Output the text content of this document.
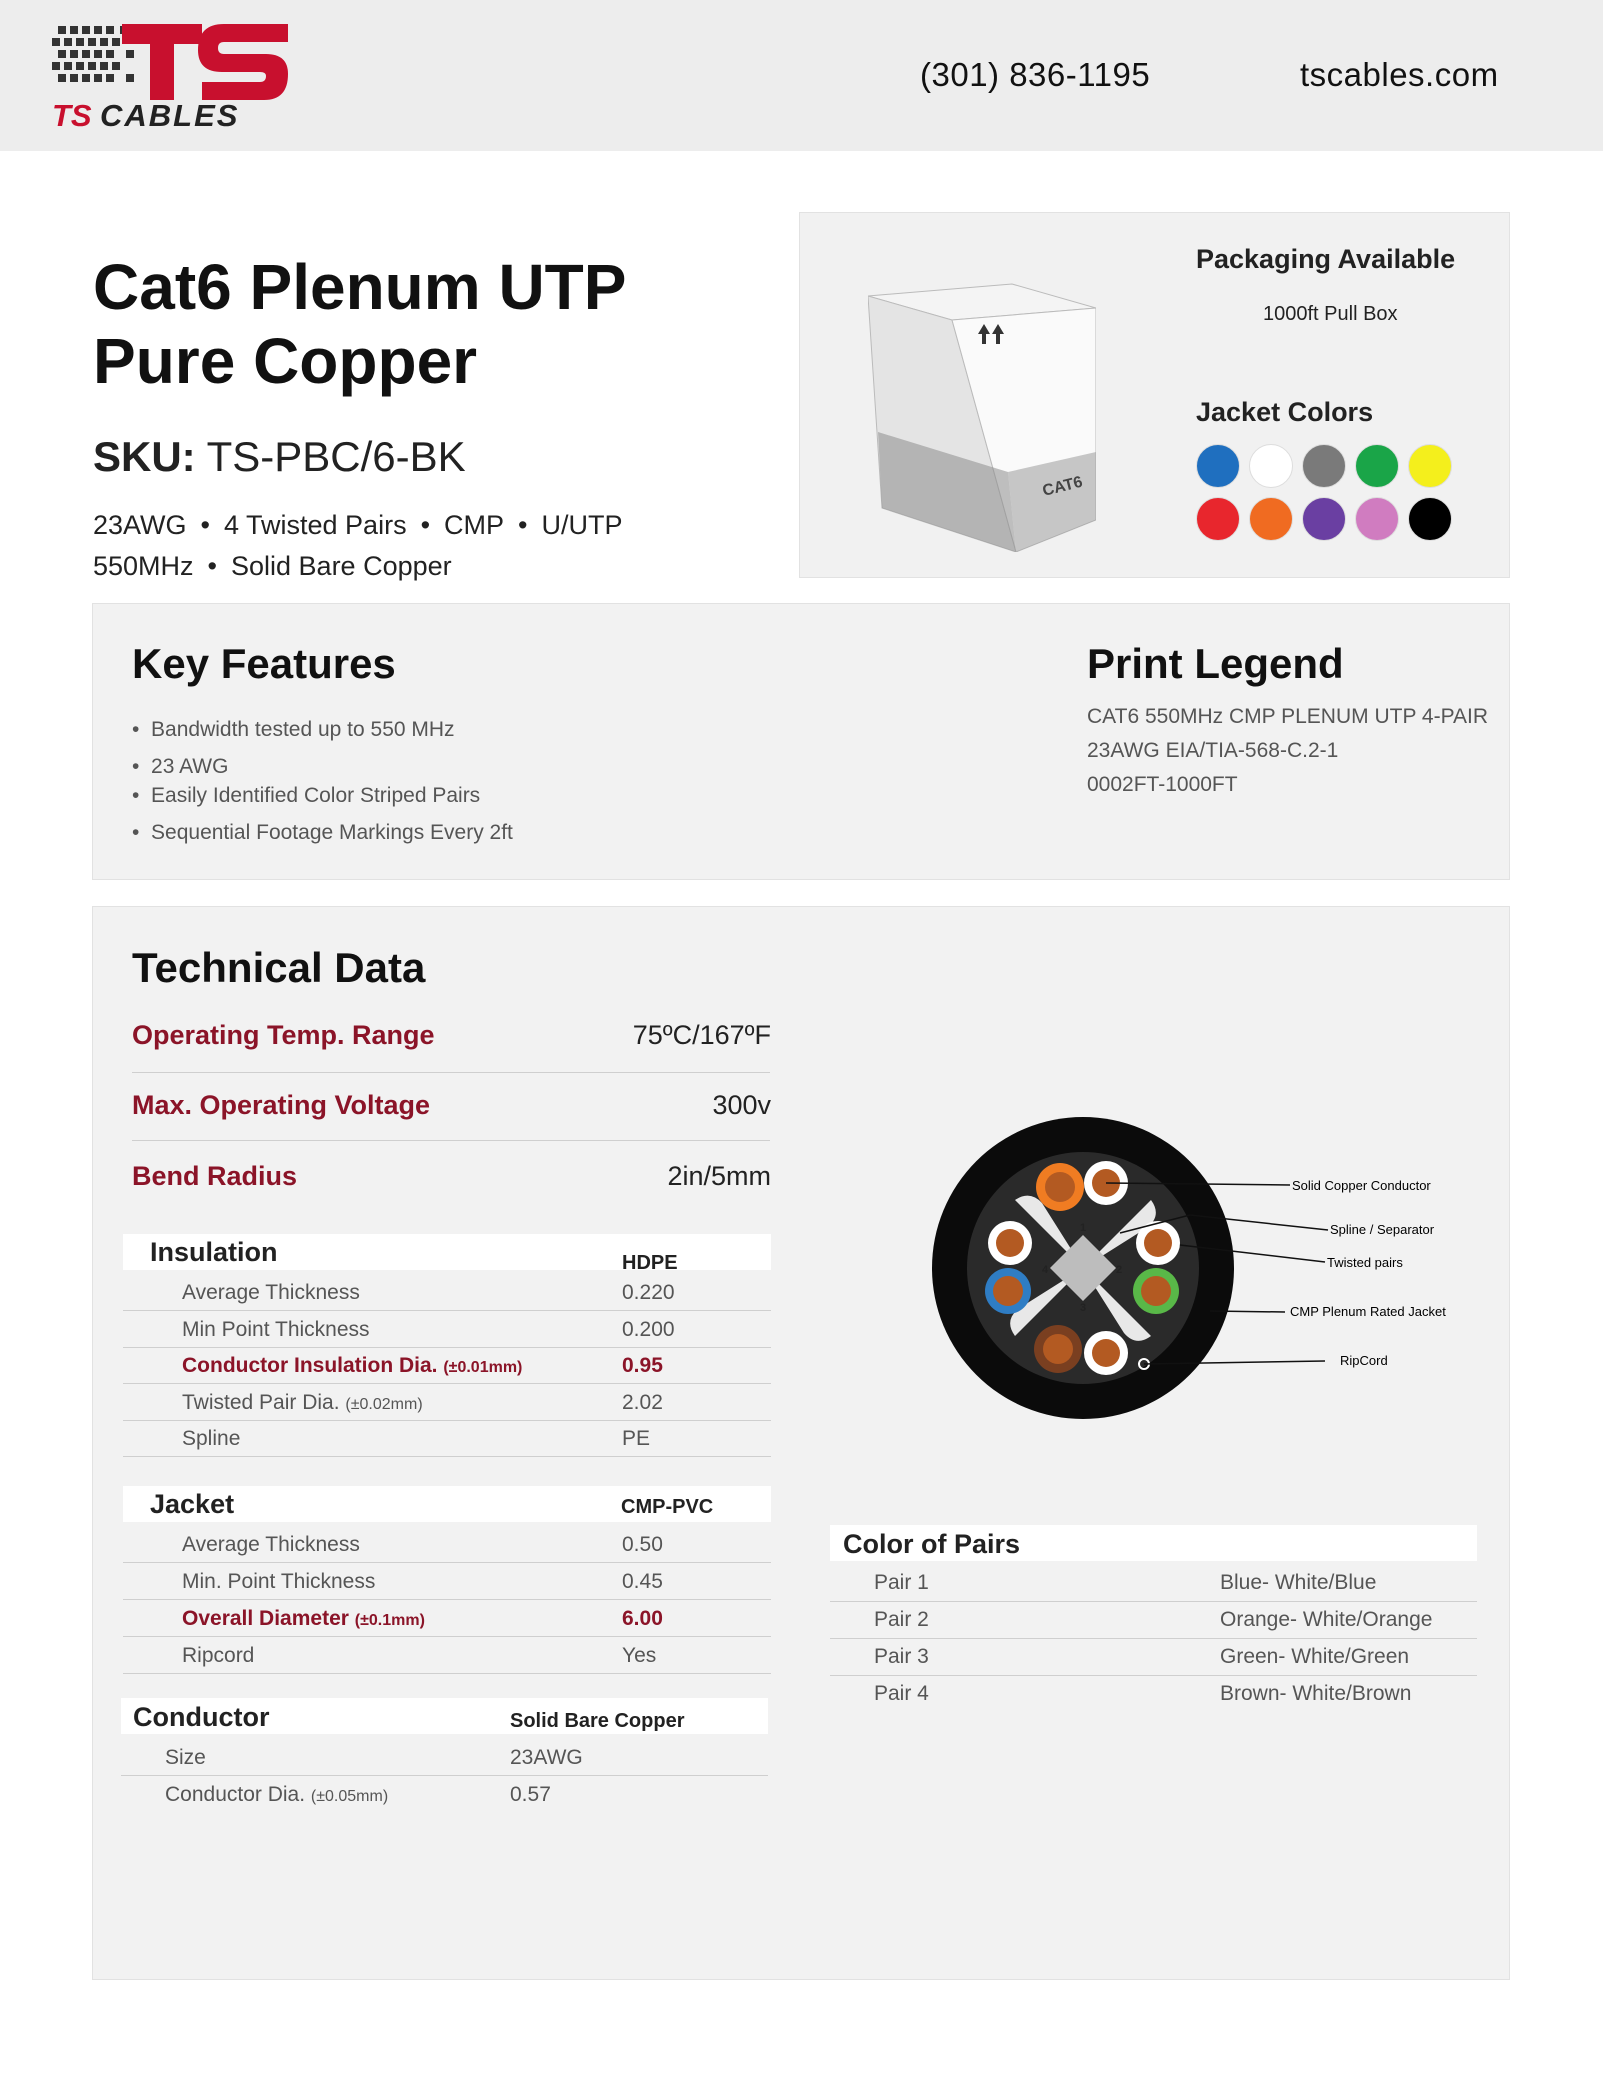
TS CABLES
(301) 836-1195	tscables.com
Cat6 Plenum UTP
Pure Copper
SKU: TS-PBC/6-BK
23AWG • 4 Twisted Pairs • CMP • U/UTP
550MHz • Solid Bare Copper
CAT6
Packaging Available
1000ft Pull Box
Jacket Colors
Key Features
•  Bandwidth tested up to 550 MHz
•  23 AWG
•  Easily Identified Color Striped Pairs
•  Sequential Footage Markings Every 2ft
Print Legend
CAT6 550MHz CMP PLENUM UTP 4-PAIR
23AWG EIA/TIA-568-C.2-1
0002FT-1000FT
Technical Data
Operating Temp. Range	75ºC/167ºF
Max. Operating Voltage	300v
Bend Radius	2in/5mm
Insulation	HDPE
Average Thickness	0.220
Min Point Thickness	0.200
Conductor Insulation Dia. (±0.01mm)	0.95
Twisted Pair Dia. (±0.02mm)	2.02
Spline	PE
Jacket	CMP-PVC
Average Thickness	0.50
Min. Point Thickness	0.45
Overall Diameter (±0.1mm)	6.00
Ripcord	Yes
Conductor	Solid Bare Copper
Size	23AWG
Conductor Dia. (±0.05mm)	0.57
1
2
3
4
Solid Copper Conductor
Spline / Separator
Twisted pairs
CMP Plenum Rated Jacket
RipCord
Color of Pairs
Pair 1	Blue- White/Blue
Pair 2	Orange- White/Orange
Pair 3	Green- White/Green
Pair 4	Brown- White/Brown
